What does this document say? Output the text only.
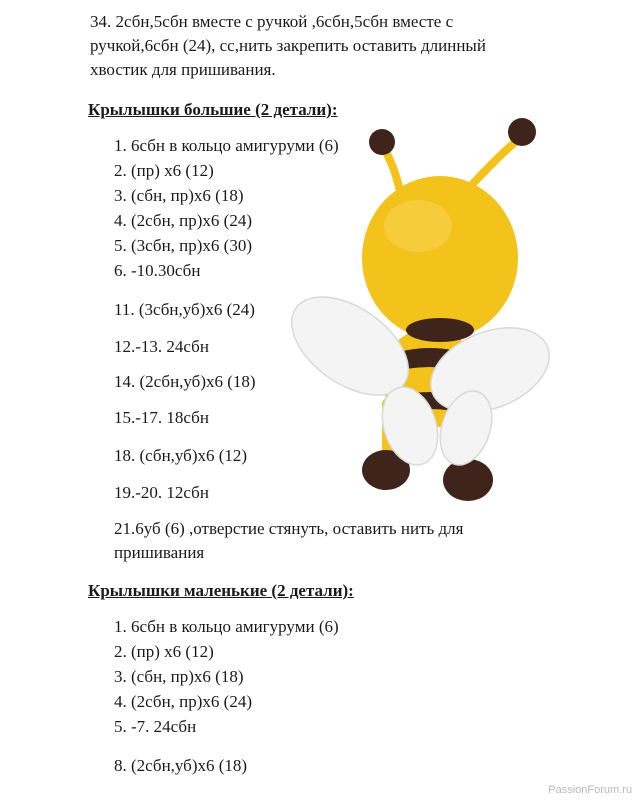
34. 2сбн,5сбн вместе с ручкой ,6сбн,5сбн вместе с
ручкой,6сбн (24), сс,нить закрепить оставить длинный
хвостик для пришивания.
Крылышки большие (2 детали):
1. 6сбн в кольцо амигуруми (6)
2. (пр) х6 (12)
3. (сбн, пр)х6 (18)
4. (2сбн, пр)х6 (24)
5. (3сбн, пр)х6 (30)
6. -10.30сбн
11. (3сбн,уб)х6 (24)
12.-13. 24сбн
14. (2сбн,уб)х6 (18)
15.-17. 18сбн
18. (сбн,уб)х6 (12)
19.-20. 12сбн
21.6уб (6) ,отверстие стянуть, оставить нить для
пришивания
Крылышки маленькие (2 детали):
1. 6сбн в кольцо амигуруми (6)
2. (пр) х6 (12)
3. (сбн, пр)х6 (18)
4. (2сбн, пр)х6 (24)
5. -7. 24сбн
8. (2сбн,уб)х6 (18)
PassionForum.ru
